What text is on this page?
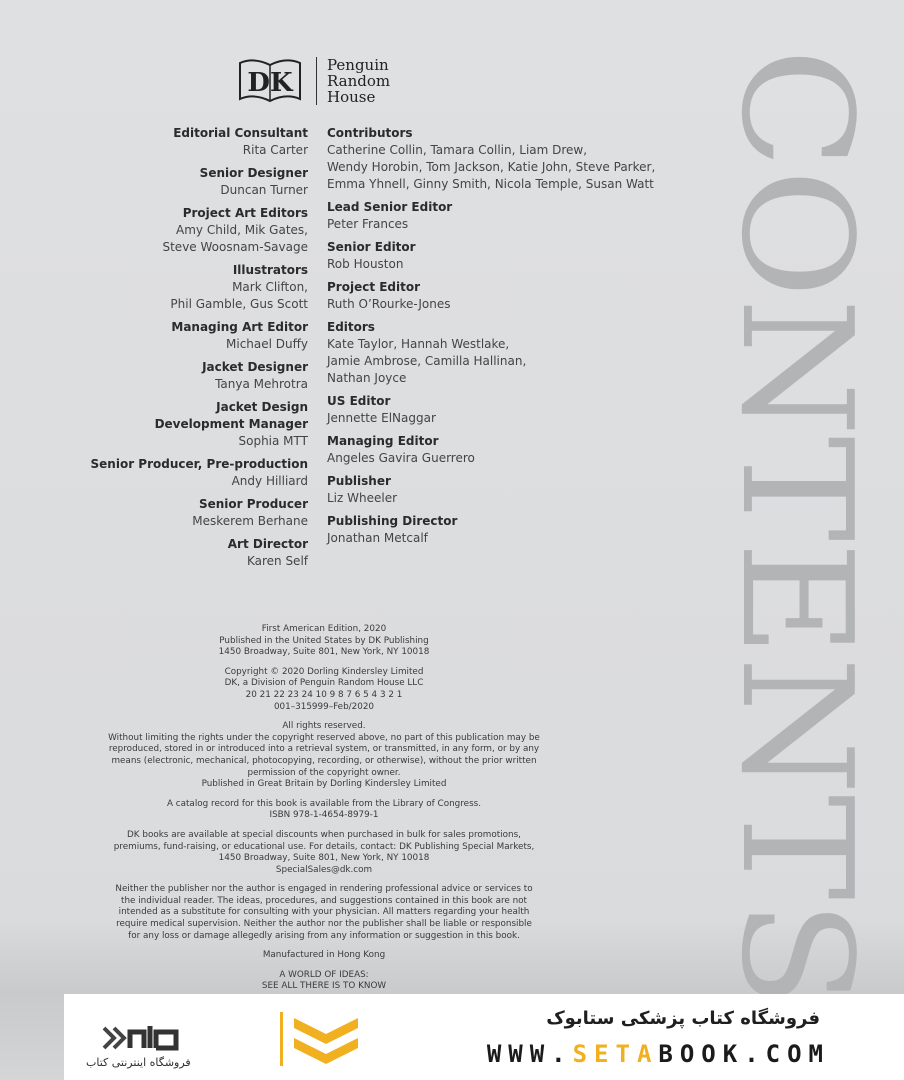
DK
Penguin
Random
House
Editorial Consultant
Rita Carter
Senior Designer
Duncan Turner
Project Art Editors
Amy Child, Mik Gates,
Steve Woosnam-Savage
Illustrators
Mark Clifton,
Phil Gamble, Gus Scott
Managing Art Editor
Michael Duffy
Jacket Designer
Tanya Mehrotra
Jacket Design
Development Manager
Sophia MTT
Senior Producer, Pre-production
Andy Hilliard
Senior Producer
Meskerem Berhane
Art Director
Karen Self
Contributors
Catherine Collin, Tamara Collin, Liam Drew,
Wendy Horobin, Tom Jackson, Katie John, Steve Parker,
Emma Yhnell, Ginny Smith, Nicola Temple, Susan Watt
Lead Senior Editor
Peter Frances
Senior Editor
Rob Houston
Project Editor
Ruth O’Rourke-Jones
Editors
Kate Taylor, Hannah Westlake,
Jamie Ambrose, Camilla Hallinan,
Nathan Joyce
US Editor
Jennette ElNaggar
Managing Editor
Angeles Gavira Guerrero
Publisher
Liz Wheeler
Publishing Director
Jonathan Metcalf

First American Edition, 2020
Published in the United States by DK Publishing
1450 Broadway, Suite 801, New York, NY 10018

Copyright © 2020 Dorling Kindersley Limited
DK, a Division of Penguin Random House LLC
20 21 22 23 24 10 9 8 7 6 5 4 3 2 1
001–315999–Feb/2020

All rights reserved.
Without limiting the rights under the copyright reserved above, no part of this publication may be
reproduced, stored in or introduced into a retrieval system, or transmitted, in any form, or by any
means (electronic, mechanical, photocopying, recording, or otherwise), without the prior written
permission of the copyright owner.
Published in Great Britain by Dorling Kindersley Limited

A catalog record for this book is available from the Library of Congress.
ISBN 978-1-4654-8979-1

DK books are available at special discounts when purchased in bulk for sales promotions,
premiums, fund-raising, or educational use. For details, contact: DK Publishing Special Markets,
1450 Broadway, Suite 801, New York, NY 10018
SpecialSales@dk.com

Neither the publisher nor the author is engaged in rendering professional advice or services to
the individual reader. The ideas, procedures, and suggestions contained in this book are not
intended as a substitute for consulting with your physician. All matters regarding your health
require medical supervision. Neither the author nor the publisher shall be liable or responsible
for any loss or damage allegedly arising from any information or suggestion in this book.

Manufactured in Hong Kong

A WORLD OF IDEAS:
SEE ALL THERE IS TO KNOW

CONTENTS
فروشگاه اینترنتی کتاب
فروشگاه کتاب پزشکی ستابوک
WWW.SETABOOK.COM
